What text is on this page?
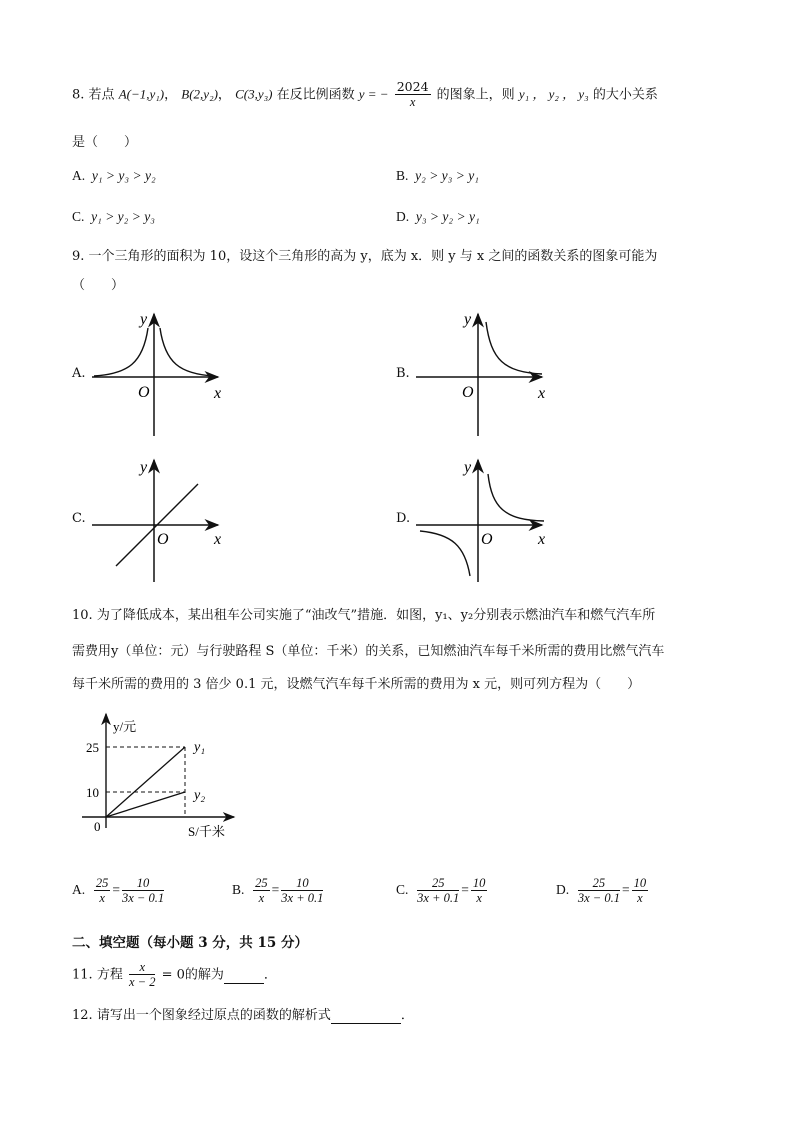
8. 若点 A(−1,y₁)， B(2,y₂)， C(3,y₃) 在反比例函数 y = − $\frac{2024}{x}$ 的图象上，则 y₁ ， y₂ ， y₃ 的大小关系
是（　　）
A. y₁ > y₃ > y₂	B. y₂ > y₃ > y₁
C. y₁ > y₂ > y₃	D. y₃ > y₂ > y₁
9. 一个三角形的面积为 10，设这个三角形的高为 y，底为 x．则 y 与 x 之间的函数关系的图象可能为
（　　）
A.
y
O	x
B.
y
O	x
C.
y
O	x
D.
y
O	x
10. 为了降低成本，某出租车公司实施了“油改气”措施．如图，y₁、y₂分别表示燃油汽车和燃气汽车所
需费用y（单位：元）与行驶路程 S（单位：千米）的关系，已知燃油汽车每千米所需的费用比燃气汽车
每千米所需的费用的 3 倍少 0.1 元，设燃气汽车每千米所需的费用为 x 元，则可列方程为（　　）
y/元
25
10
0
y₁
y₂
S/千米
A. $\frac{25}{x} = \frac{10}{3x - 0.1}$	B. $\frac{25}{x} = \frac{10}{3x + 0.1}$	C. $\frac{25}{3x + 0.1} = \frac{10}{x}$	D. $\frac{25}{3x - 0.1} = \frac{10}{x}$
二、填空题（每小题 3 分，共 15 分）
11. 方程 $\frac{x}{x - 2} = 0$的解为	．
12. 请写出一个图象经过原点的函数的解析式	．
